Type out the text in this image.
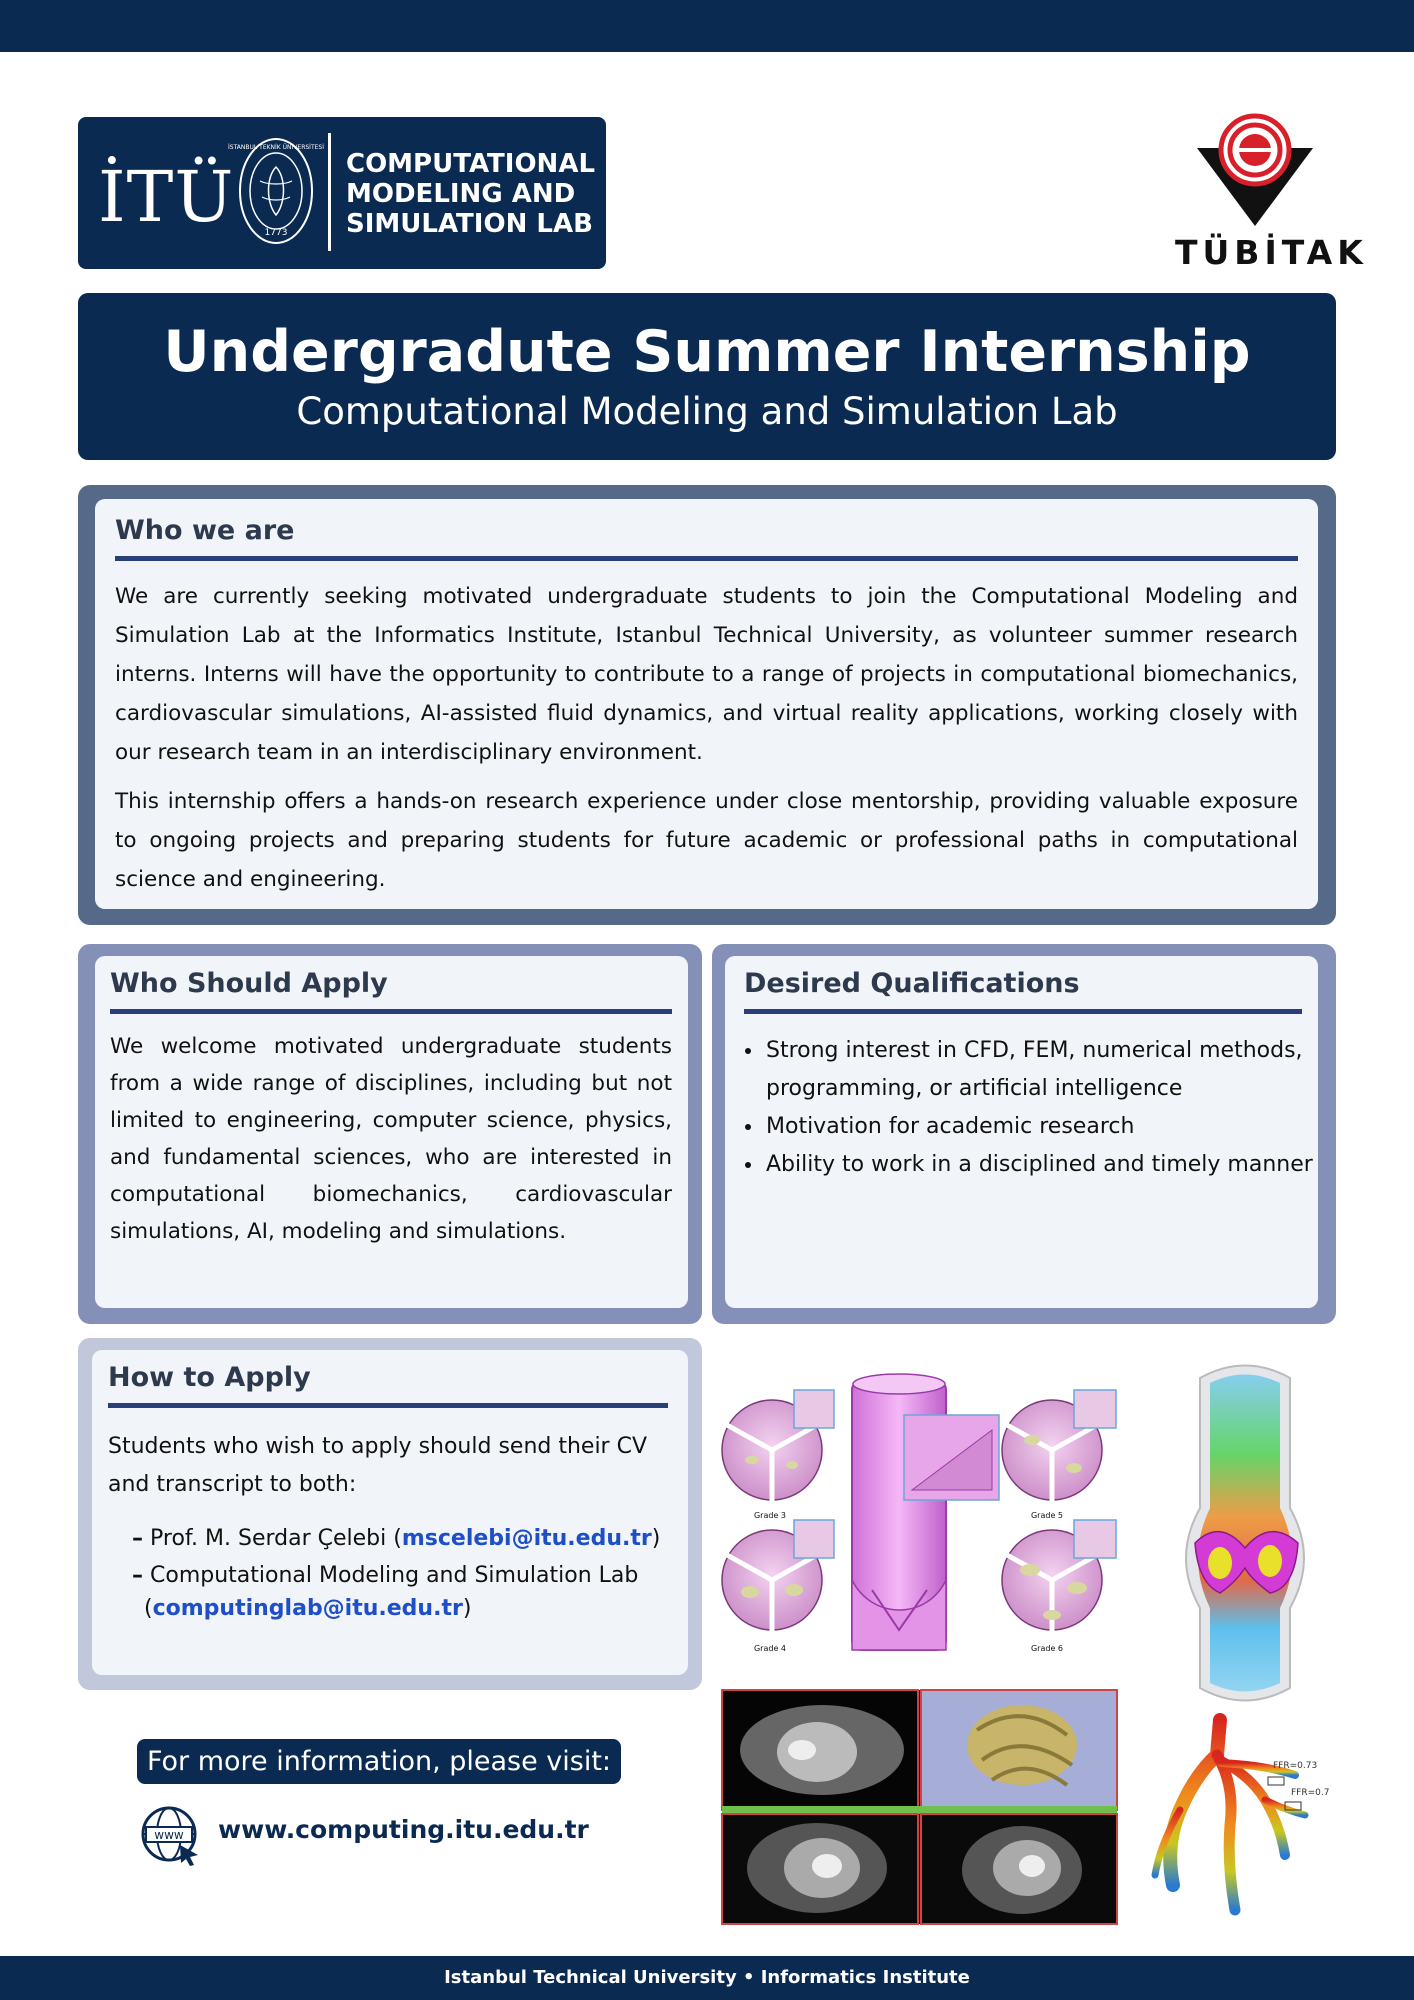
İTÜ	1773
İSTANBUL TEKNİK ÜNİVERSİTESİ
COMPUTATIONAL
MODELING AND
SIMULATION LAB
TÜBİTAK
Undergradute Summer Internship
Computational Modeling and Simulation Lab
Who we are

We are currently seeking motivated undergraduate students to join the Computational Modeling and Simulation Lab at the Informatics Institute, Istanbul Technical University, as volunteer summer research interns. Interns will have the opportunity to contribute to a range of projects in computational biomechanics, cardiovascular simulations, AI-assisted fluid dynamics, and virtual reality applications, working closely with our research team in an interdisciplinary environment.

This internship offers a hands-on research experience under close mentorship, providing valuable exposure to ongoing projects and preparing students for future academic or professional paths in computational science and engineering.

Who Should Apply

We welcome motivated undergraduate students from a wide range of disciplines, including but not limited to engineering, computer science, physics, and fundamental sciences, who are interested in computational biomechanics, cardiovascular simulations, AI, modeling and simulations.

Desired Qualifications
• Strong interest in CFD, FEM, numerical methods, programming, or artificial intelligence
• Motivation for academic research
• Ability to work in a disciplined and timely manner
How to Apply

Students who wish to apply should send their CV and transcript to both:

– Prof. M. Serdar Çelebi (mscelebi@itu.edu.tr)
– Computational Modeling and Simulation Lab
(computinglab@itu.edu.tr)
For more information, please visit:
www www.computing.itu.edu.tr
Grade 3
Grade 4
Grade 5
Grade 6
FFR=0.73
FFR=0.7
Istanbul Technical University • Informatics Institute
